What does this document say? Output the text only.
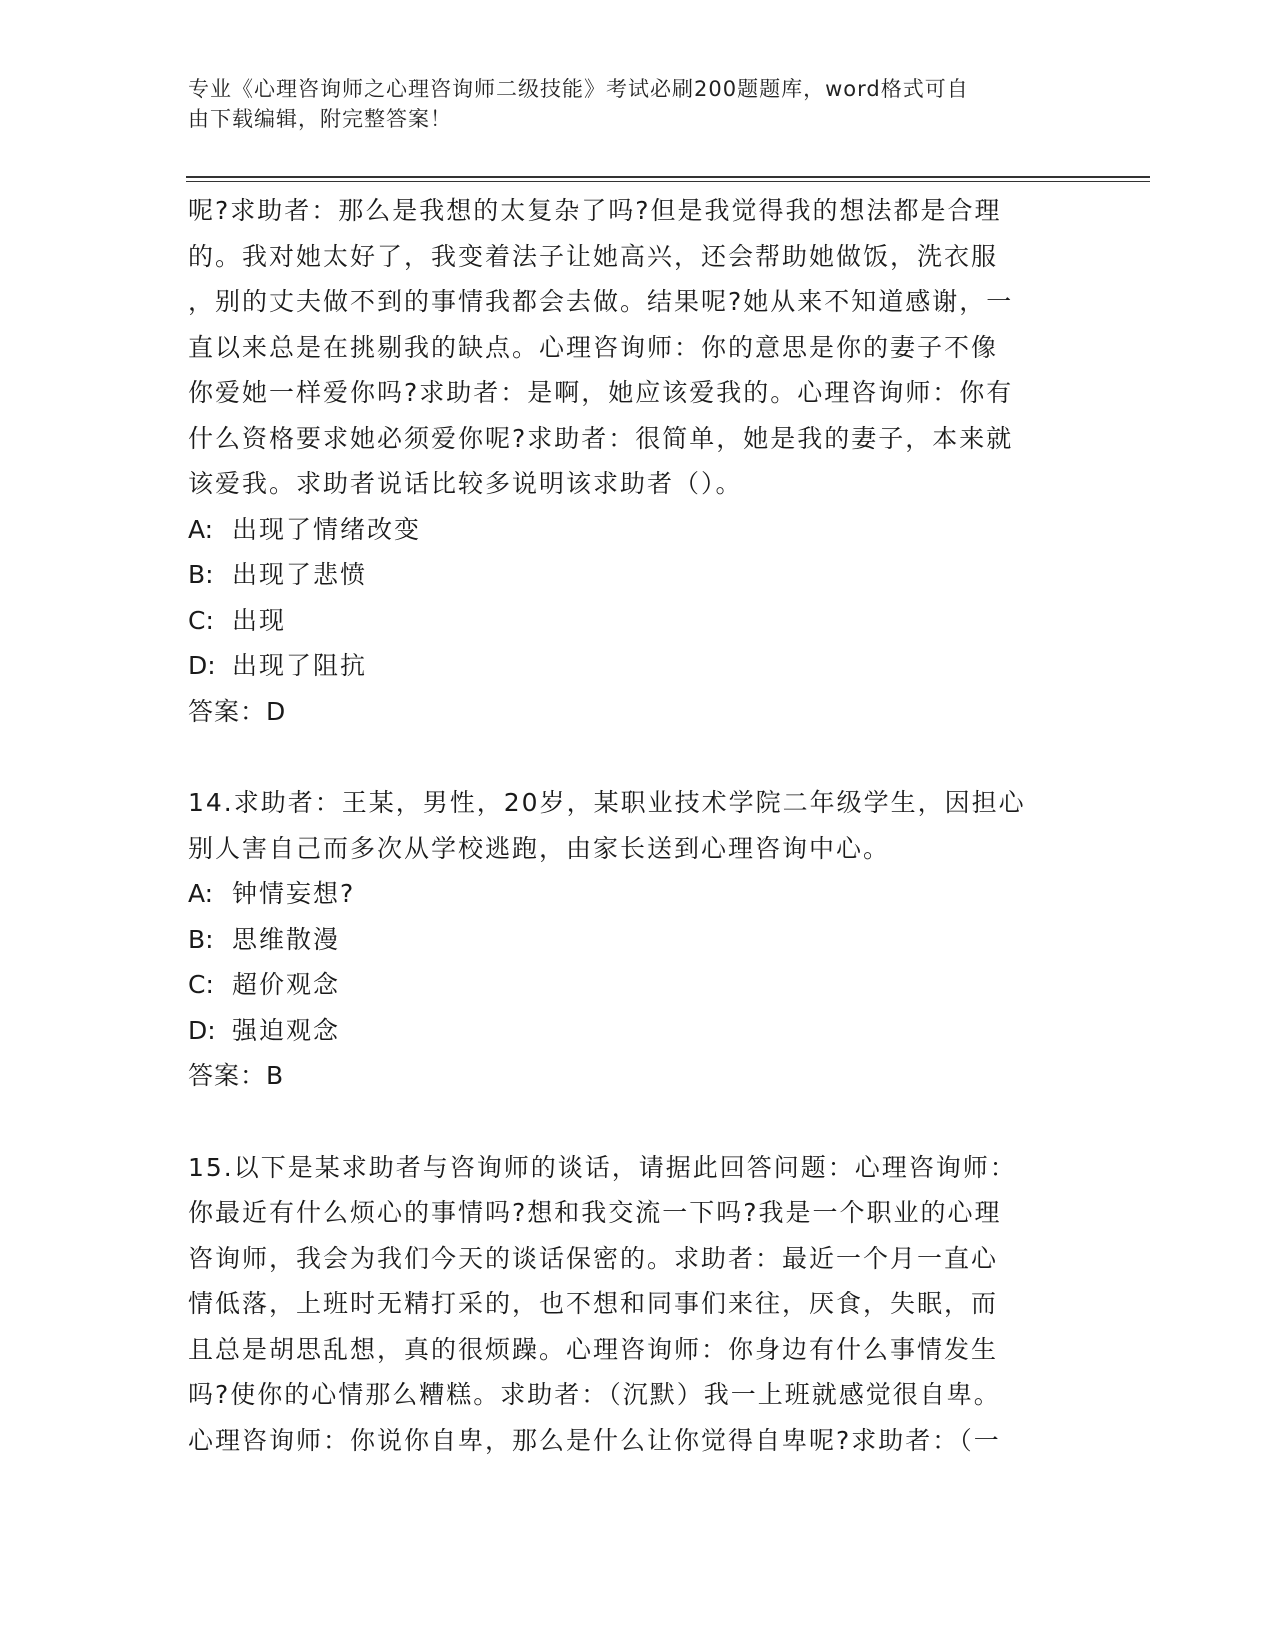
专业《心理咨询师之心理咨询师二级技能》考试必刷200题题库，word格式可自
由下载编辑，附完整答案！
呢?求助者：那么是我想的太复杂了吗?但是我觉得我的想法都是合理
的。我对她太好了，我变着法子让她高兴，还会帮助她做饭，洗衣服
，别的丈夫做不到的事情我都会去做。结果呢?她从来不知道感谢，一
直以来总是在挑剔我的缺点。心理咨询师：你的意思是你的妻子不像
你爱她一样爱你吗?求助者：是啊，她应该爱我的。心理咨询师：你有
什么资格要求她必须爱你呢?求助者：很简单，她是我的妻子，本来就
该爱我。求助者说话比较多说明该求助者（）。
A: 出现了情绪改变
B: 出现了悲愤
C: 出现
D: 出现了阻抗
答案：D
14.求助者：王某，男性，20岁，某职业技术学院二年级学生，因担心
别人害自己而多次从学校逃跑，由家长送到心理咨询中心。
A: 钟情妄想?
B: 思维散漫
C: 超价观念
D: 强迫观念
答案：B
15.以下是某求助者与咨询师的谈话，请据此回答问题：心理咨询师：
你最近有什么烦心的事情吗?想和我交流一下吗?我是一个职业的心理
咨询师，我会为我们今天的谈话保密的。求助者：最近一个月一直心
情低落，上班时无精打采的，也不想和同事们来往，厌食，失眠，而
且总是胡思乱想，真的很烦躁。心理咨询师：你身边有什么事情发生
吗?使你的心情那么糟糕。求助者：（沉默）我一上班就感觉很自卑。
心理咨询师：你说你自卑，那么是什么让你觉得自卑呢?求助者：（一
